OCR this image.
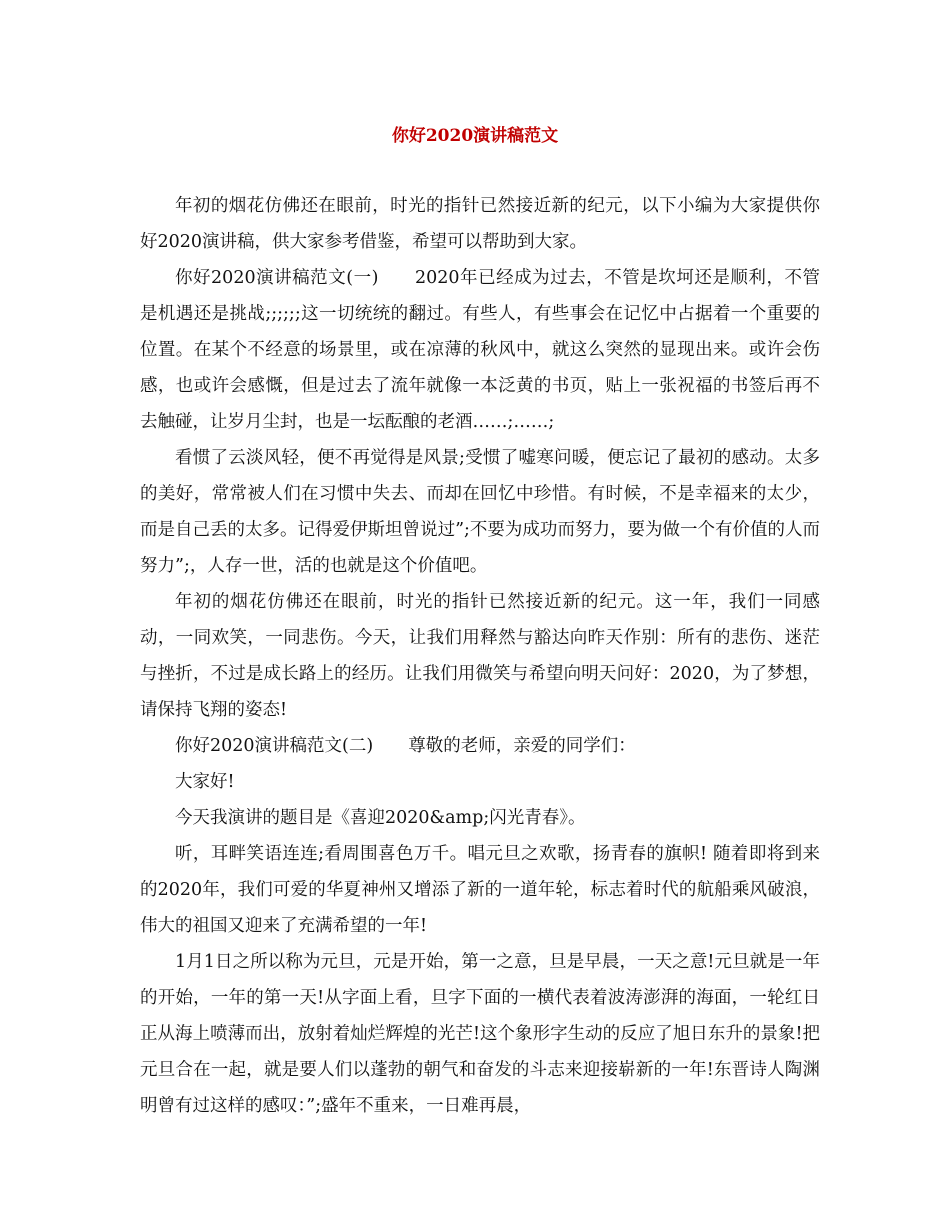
你好2020演讲稿范文

年初的烟花仿佛还在眼前，时光的指针已然接近新的纪元，以下小编为大家提供你好2020演讲稿，供大家参考借鉴，希望可以帮助到大家。

你好2020演讲稿范文(一)　　2020年已经成为过去，不管是坎坷还是顺利，不管是机遇还是挑战;;;;;;这一切统统的翻过。有些人，有些事会在记忆中占据着一个重要的位置。在某个不经意的场景里，或在凉薄的秋风中，就这么突然的显现出来。或许会伤感，也或许会感慨，但是过去了流年就像一本泛黄的书页，贴上一张祝福的书签后再不去触碰，让岁月尘封，也是一坛酝酿的老酒……;……;

看惯了云淡风轻，便不再觉得是风景;受惯了嘘寒问暖，便忘记了最初的感动。太多的美好，常常被人们在习惯中失去、而却在回忆中珍惜。有时候，不是幸福来的太少，而是自己丢的太多。记得爱伊斯坦曾说过”;不要为成功而努力，要为做一个有价值的人而努力”;，人存一世，活的也就是这个价值吧。

年初的烟花仿佛还在眼前，时光的指针已然接近新的纪元。这一年，我们一同感动，一同欢笑，一同悲伤。今天，让我们用释然与豁达向昨天作别：所有的悲伤、迷茫与挫折，不过是成长路上的经历。让我们用微笑与希望向明天问好：2020，为了梦想，请保持飞翔的姿态!

你好2020演讲稿范文(二)　　尊敬的老师，亲爱的同学们：

大家好!

今天我演讲的题目是《喜迎2020&amp;闪光青春》。

听，耳畔笑语连连;看周围喜色万千。唱元旦之欢歌，扬青春的旗帜! 随着即将到来的2020年，我们可爱的华夏神州又增添了新的一道年轮，标志着时代的航船乘风破浪，伟大的祖国又迎来了充满希望的一年!

1月1日之所以称为元旦，元是开始，第一之意，旦是早晨，一天之意!元旦就是一年的开始，一年的第一天!从字面上看，旦字下面的一横代表着波涛澎湃的海面，一轮红日正从海上喷薄而出，放射着灿烂辉煌的光芒!这个象形字生动的反应了旭日东升的景象!把元旦合在一起，就是要人们以蓬勃的朝气和奋发的斗志来迎接崭新的一年!东晋诗人陶渊明曾有过这样的感叹：”;盛年不重来，一日难再晨，
